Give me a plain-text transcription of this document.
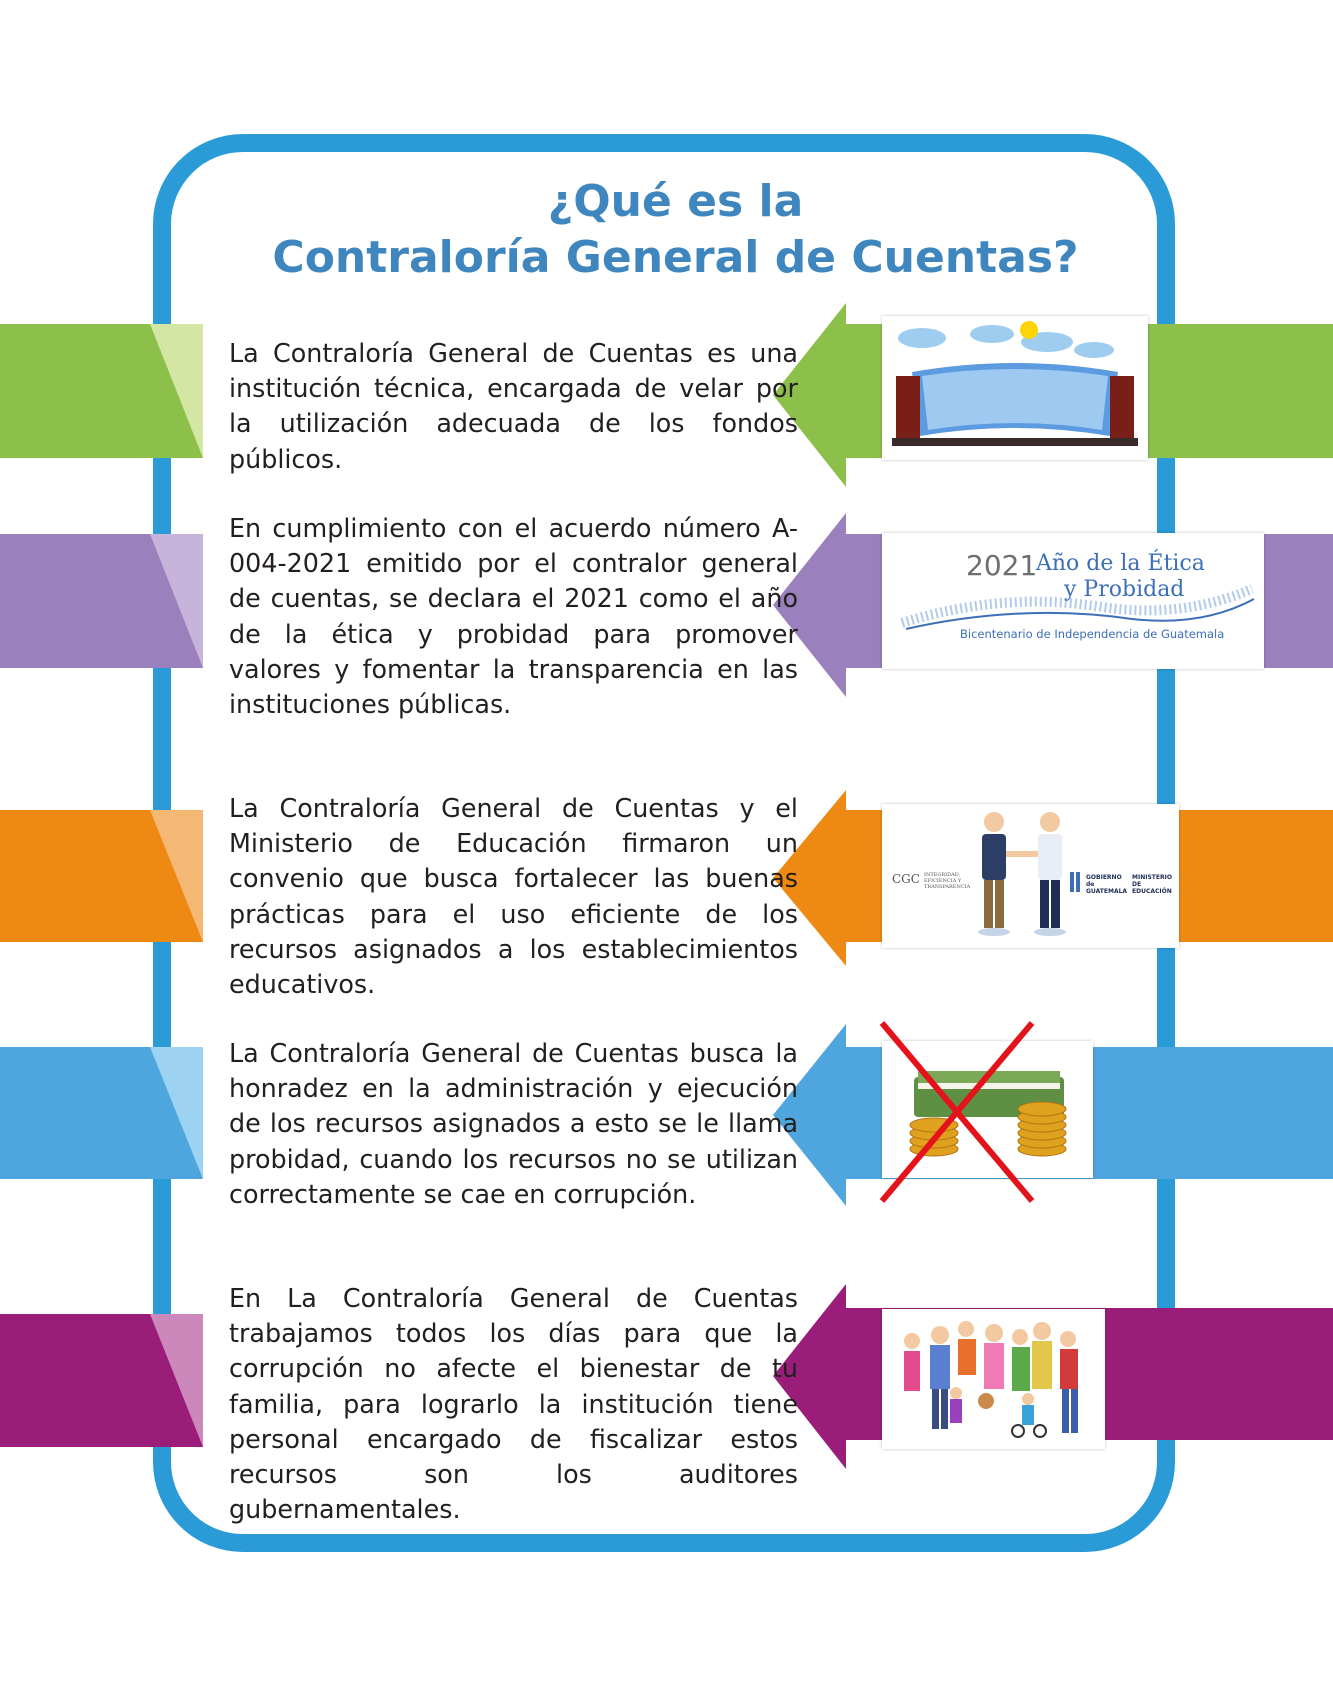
¿Qué es la
Contraloría General de Cuentas?

La Contraloría General de Cuentas es una institución técnica, encargada de velar por la utilización adecuada de los fondos públicos.

En cumplimiento con el acuerdo número A-004-2021 emitido por el contralor general de cuentas, se declara el 2021 como el año de la ética y probidad para promover valores y fomentar la transparencia en las instituciones públicas.

2021
Año de la Ética
y Probidad
Bicentenario de Independencia de Guatemala

La Contraloría General de Cuentas y el Ministerio de Educación firmaron un convenio que busca fortalecer las buenas prácticas para el uso eficiente de los recursos asignados a los establecimientos educativos.

CGC INTEGRIDAD, EFICIENCIA Y TRANSPARENCIA
GOBIERNO de GUATEMALA
MINISTERIO DE EDUCACIÓN

La Contraloría General de Cuentas busca la honradez en la administración y ejecución de los recursos asignados a esto se le llama probidad, cuando los recursos no se utilizan correctamente se cae en corrupción.

En La Contraloría General de Cuentas trabajamos todos los días para que la corrupción no afecte el bienestar de tu familia, para lograrlo la institución tiene personal encargado de fiscalizar estos recursos son los auditores gubernamentales.
